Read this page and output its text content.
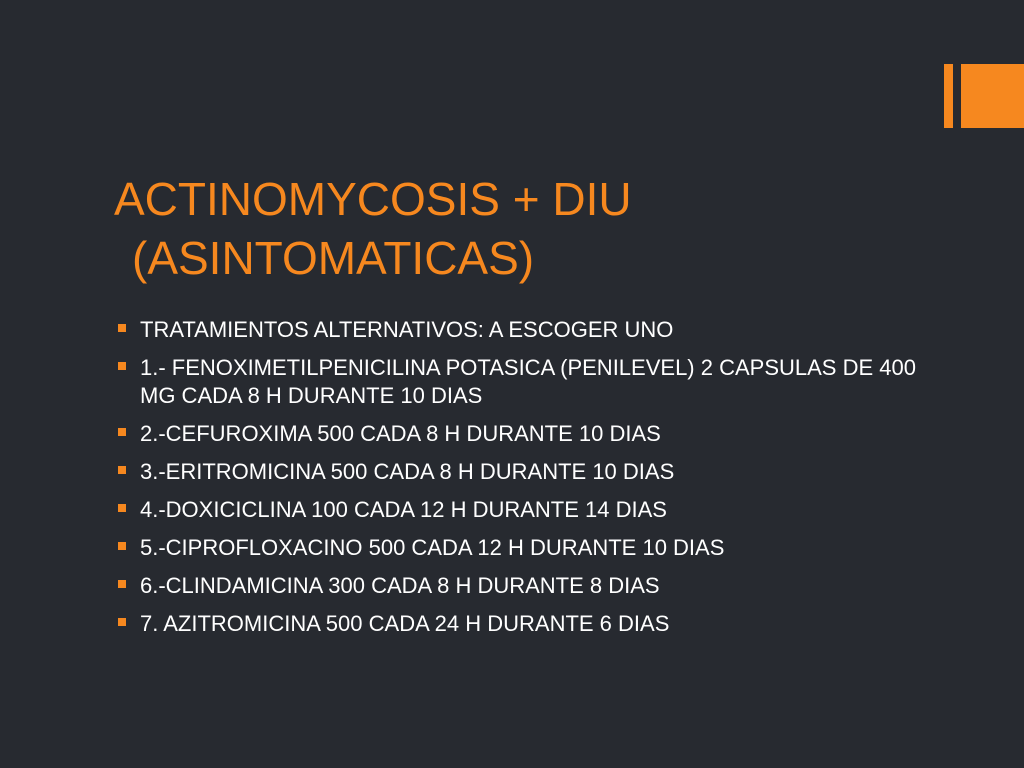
ACTINOMYCOSIS + DIU
(ASINTOMATICAS)
TRATAMIENTOS ALTERNATIVOS: A ESCOGER UNO
1.- FENOXIMETILPENICILINA POTASICA (PENILEVEL) 2 CAPSULAS DE 400 MG CADA 8 H DURANTE 10 DIAS
2.-CEFUROXIMA 500 CADA 8 H DURANTE 10 DIAS
3.-ERITROMICINA 500 CADA 8 H DURANTE 10 DIAS
4.-DOXICICLINA 100 CADA 12 H DURANTE 14 DIAS
5.-CIPROFLOXACINO 500 CADA 12 H DURANTE 10 DIAS
6.-CLINDAMICINA 300 CADA 8 H DURANTE 8 DIAS
7. AZITROMICINA 500 CADA 24 H DURANTE 6 DIAS
